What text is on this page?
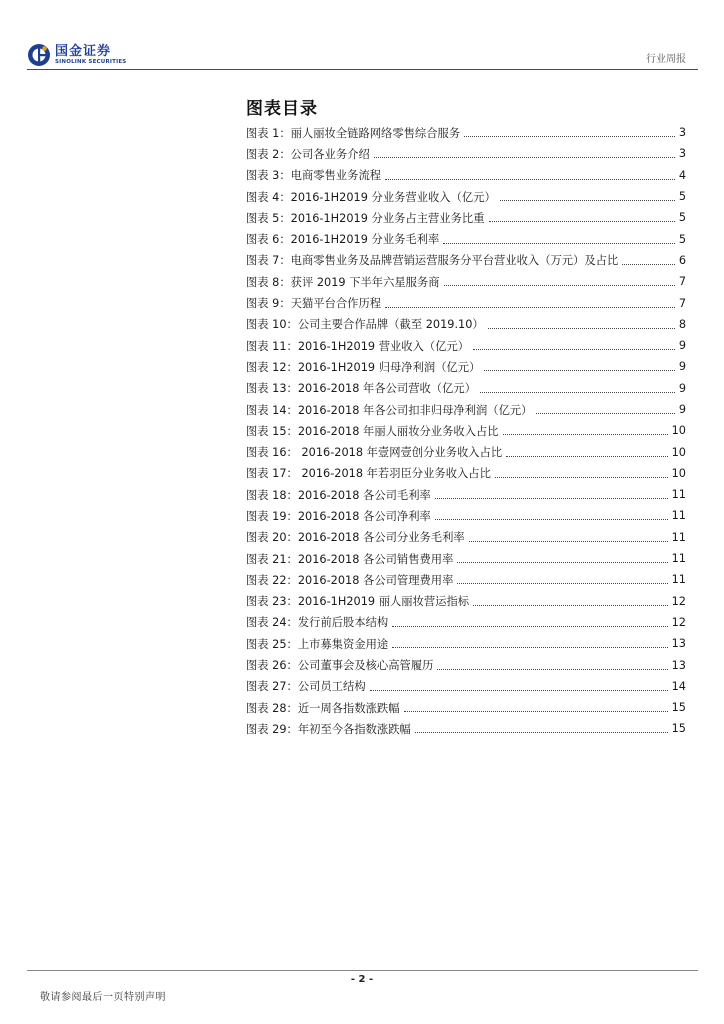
国金证券
SINOLINK SECURITIES	行业周报
图表目录
图表 1：丽人丽妆全链路网络零售综合服务	3
图表 2：公司各业务介绍	3
图表 3：电商零售业务流程	4
图表 4：2016-1H2019 分业务营业收入（亿元）	5
图表 5：2016-1H2019 分业务占主营业务比重	5
图表 6：2016-1H2019 分业务毛利率	5
图表 7：电商零售业务及品牌营销运营服务分平台营业收入（万元）及占比	6
图表 8：获评 2019 下半年六星服务商	7
图表 9：天猫平台合作历程	7
图表 10：公司主要合作品牌（截至 2019.10）	8
图表 11：2016-1H2019 营业收入（亿元）	9
图表 12：2016-1H2019 归母净利润（亿元）	9
图表 13：2016-2018 年各公司营收（亿元）	9
图表 14：2016-2018 年各公司扣非归母净利润（亿元）	9
图表 15：2016-2018 年丽人丽妆分业务收入占比	10
图表 16： 2016-2018 年壹网壹创分业务收入占比	10
图表 17： 2016-2018 年若羽臣分业务收入占比	10
图表 18：2016-2018 各公司毛利率	11
图表 19：2016-2018 各公司净利率	11
图表 20：2016-2018 各公司分业务毛利率	11
图表 21：2016-2018 各公司销售费用率	11
图表 22：2016-2018 各公司管理费用率	11
图表 23：2016-1H2019 丽人丽妆营运指标	12
图表 24：发行前后股本结构	12
图表 25：上市募集资金用途	13
图表 26：公司董事会及核心高管履历	13
图表 27：公司员工结构	14
图表 28：近一周各指数涨跌幅	15
图表 29：年初至今各指数涨跌幅	15
- 2 -
敬请参阅最后一页特别声明
